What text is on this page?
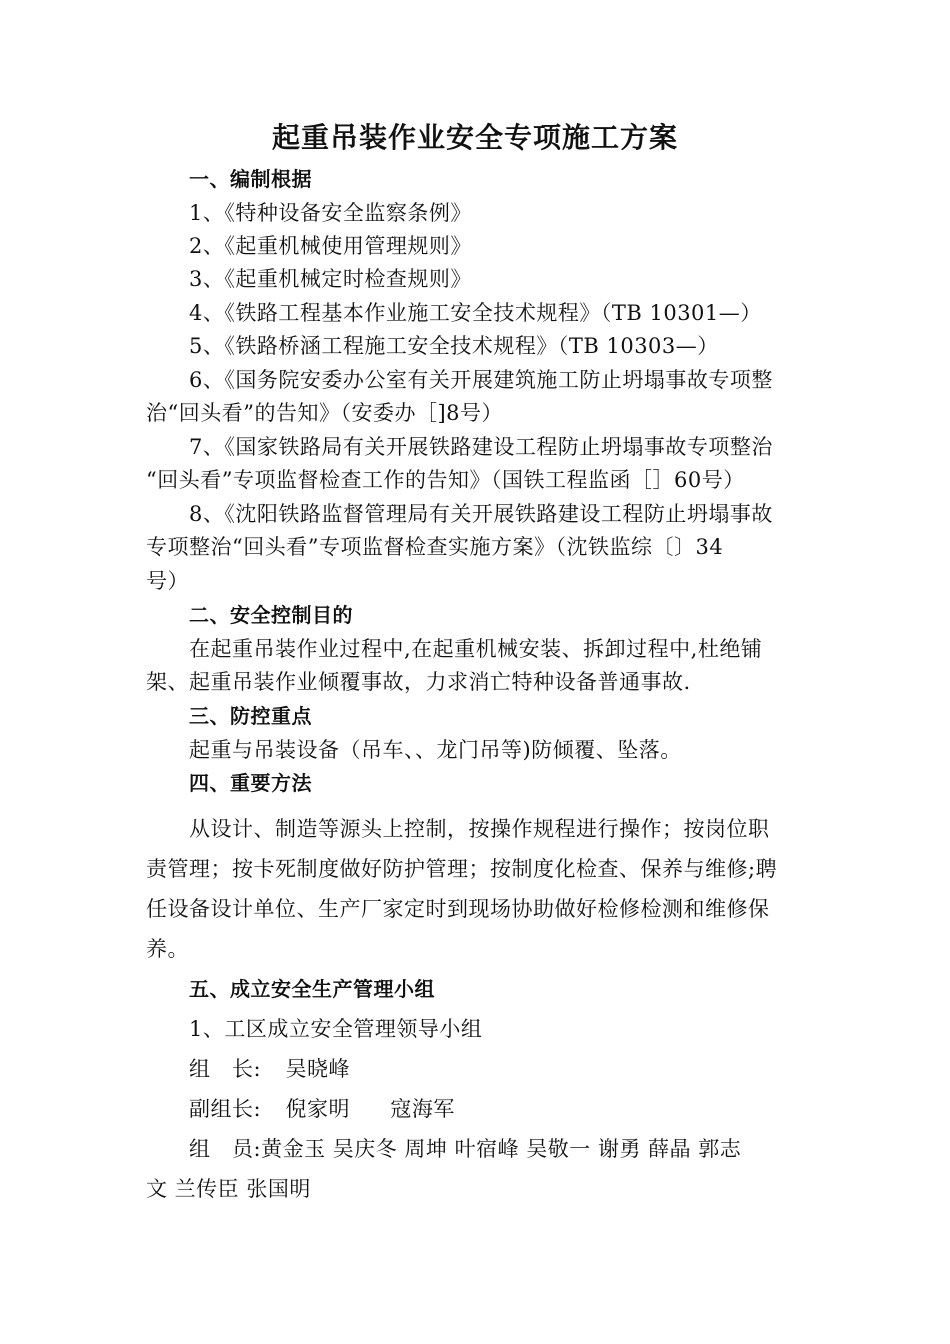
起重吊装作业安全专项施工方案
一、编制根据
1、《特种设备安全监察条例》
2、《起重机械使用管理规则》
3、《起重机械定时检查规则》
4、《铁路工程基本作业施工安全技术规程》（TB 10301—）
5、《铁路桥涵工程施工安全技术规程》（TB 10303—）
6、《国务院安委办公室有关开展建筑施工防止坍塌事故专项整
治“回头看”的告知》（安委办［]8号）
7、《国家铁路局有关开展铁路建设工程防止坍塌事故专项整治
“回头看”专项监督检查工作的告知》（国铁工程监函［］60号）
8、《沈阳铁路监督管理局有关开展铁路建设工程防止坍塌事故
专项整治“回头看”专项监督检查实施方案》（沈铁监综〔〕34
号）
二、安全控制目的
在起重吊装作业过程中,在起重机械安装、拆卸过程中,杜绝铺
架、起重吊装作业倾覆事故，力求消亡特种设备普通事故.
三、防控重点
起重与吊装设备（吊车、、龙门吊等)防倾覆、坠落。
四、重要方法
从设计、制造等源头上控制，按操作规程进行操作；按岗位职
责管理；按卡死制度做好防护管理；按制度化检查、保养与维修;聘
任设备设计单位、生产厂家定时到现场协助做好检修检测和维修保
养。
五、成立安全生产管理小组
1、工区成立安全管理领导小组
组　长: 吴晓峰
副组长: 倪家明 寇海军
组　员:黄金玉 吴庆冬 周坤 叶宿峰 吴敬一 谢勇 薛晶 郭志
文 兰传臣 张国明
